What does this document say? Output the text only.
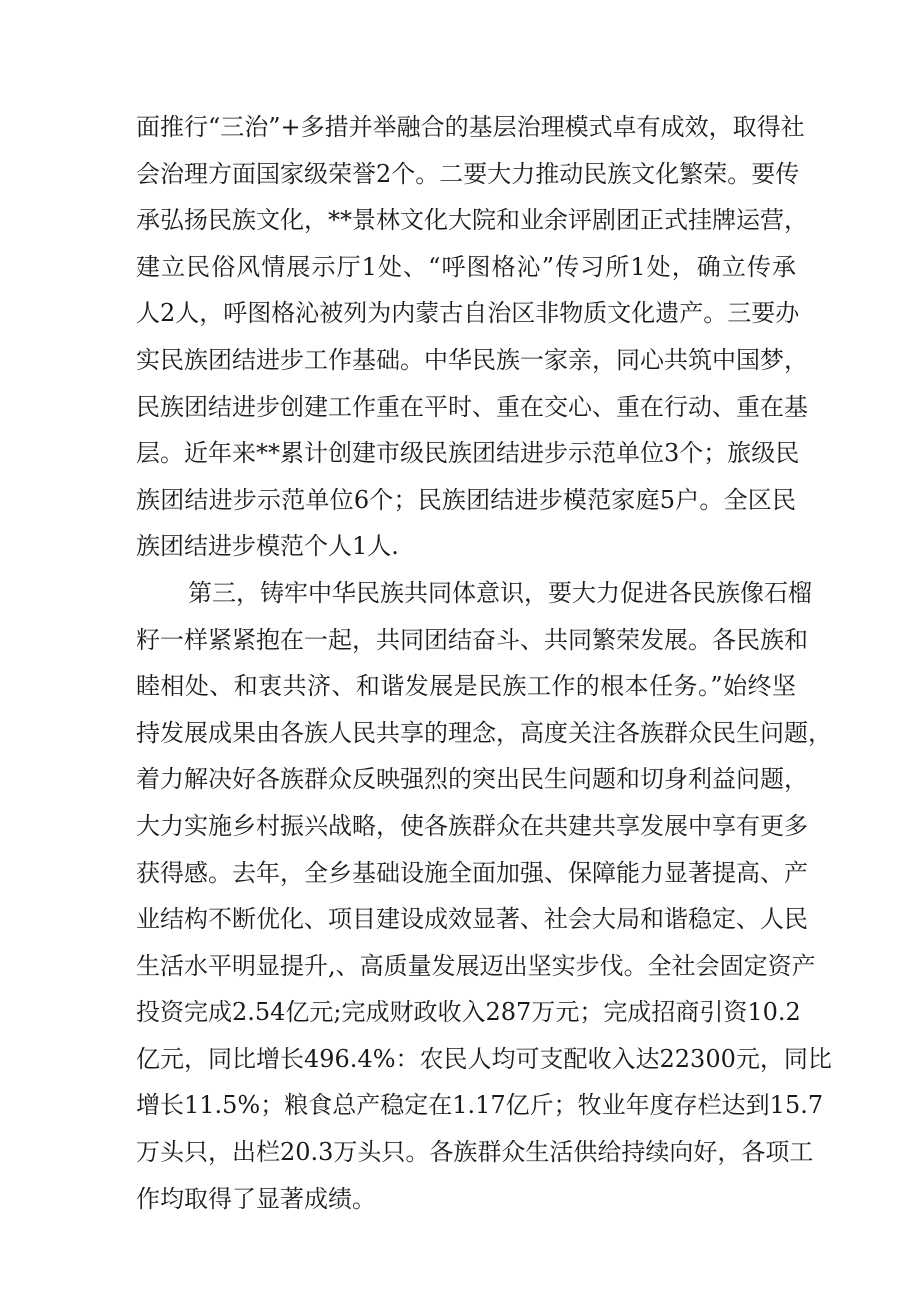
面推行“三治”+多措并举融合的基层治理模式卓有成效，取得社
会治理方面国家级荣誉2个。二要大力推动民族文化繁荣。要传
承弘扬民族文化，**景林文化大院和业余评剧团正式挂牌运营，
建立民俗风情展示厅1处、“呼图格沁”传习所1处，确立传承
人2人，呼图格沁被列为内蒙古自治区非物质文化遗产。三要办
实民族团结进步工作基础。中华民族一家亲，同心共筑中国梦，
民族团结进步创建工作重在平时、重在交心、重在行动、重在基
层。近年来**累计创建市级民族团结进步示范单位3个；旅级民
族团结进步示范单位6个；民族团结进步模范家庭5户。全区民
族团结进步模范个人1人.
第三，铸牢中华民族共同体意识，要大力促进各民族像石榴
籽一样紧紧抱在一起，共同团结奋斗、共同繁荣发展。各民族和
睦相处、和衷共济、和谐发展是民族工作的根本任务。”始终坚
持发展成果由各族人民共享的理念，高度关注各族群众民生问题，
着力解决好各族群众反映强烈的突出民生问题和切身利益问题，
大力实施乡村振兴战略，使各族群众在共建共享发展中享有更多
获得感。去年，全乡基础设施全面加强、保障能力显著提高、产
业结构不断优化、项目建设成效显著、社会大局和谐稳定、人民
生活水平明显提升,、高质量发展迈出坚实步伐。全社会固定资产
投资完成2.54亿元;完成财政收入287万元；完成招商引资10.2
亿元，同比增长496.4%：农民人均可支配收入达22300元，同比
增长11.5%；粮食总产稳定在1.17亿斤；牧业年度存栏达到15.7
万头只，出栏20.3万头只。各族群众生活供给持续向好，各项工
作均取得了显著成绩。
